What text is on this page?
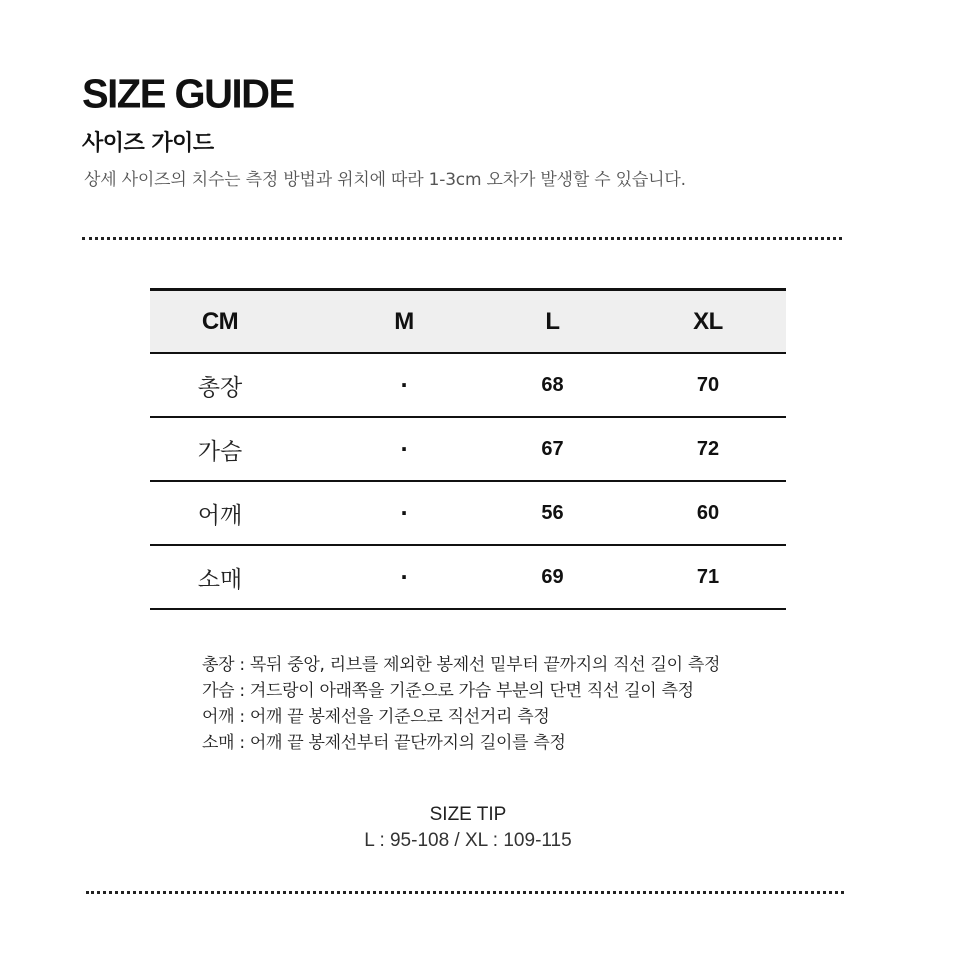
SIZE GUIDE
사이즈 가이드
상세 사이즈의 치수는 측정 방법과 위치에 따라 1-3cm 오차가 발생할 수 있습니다.
CM	M	L	XL
총장	·	68	70
가슴	·	67	72
어깨	·	56	60
소매	·	69	71
총장 : 목뒤 중앙, 리브를 제외한 봉제선 밑부터 끝까지의 직선 길이 측정
가슴 : 겨드랑이 아래쪽을 기준으로 가슴 부분의 단면 직선 길이 측정
어깨 : 어깨 끝 봉제선을 기준으로 직선거리 측정
소매 : 어깨 끝 봉제선부터 끝단까지의 길이를 측정
SIZE TIP
L : 95-108 / XL : 109-115
